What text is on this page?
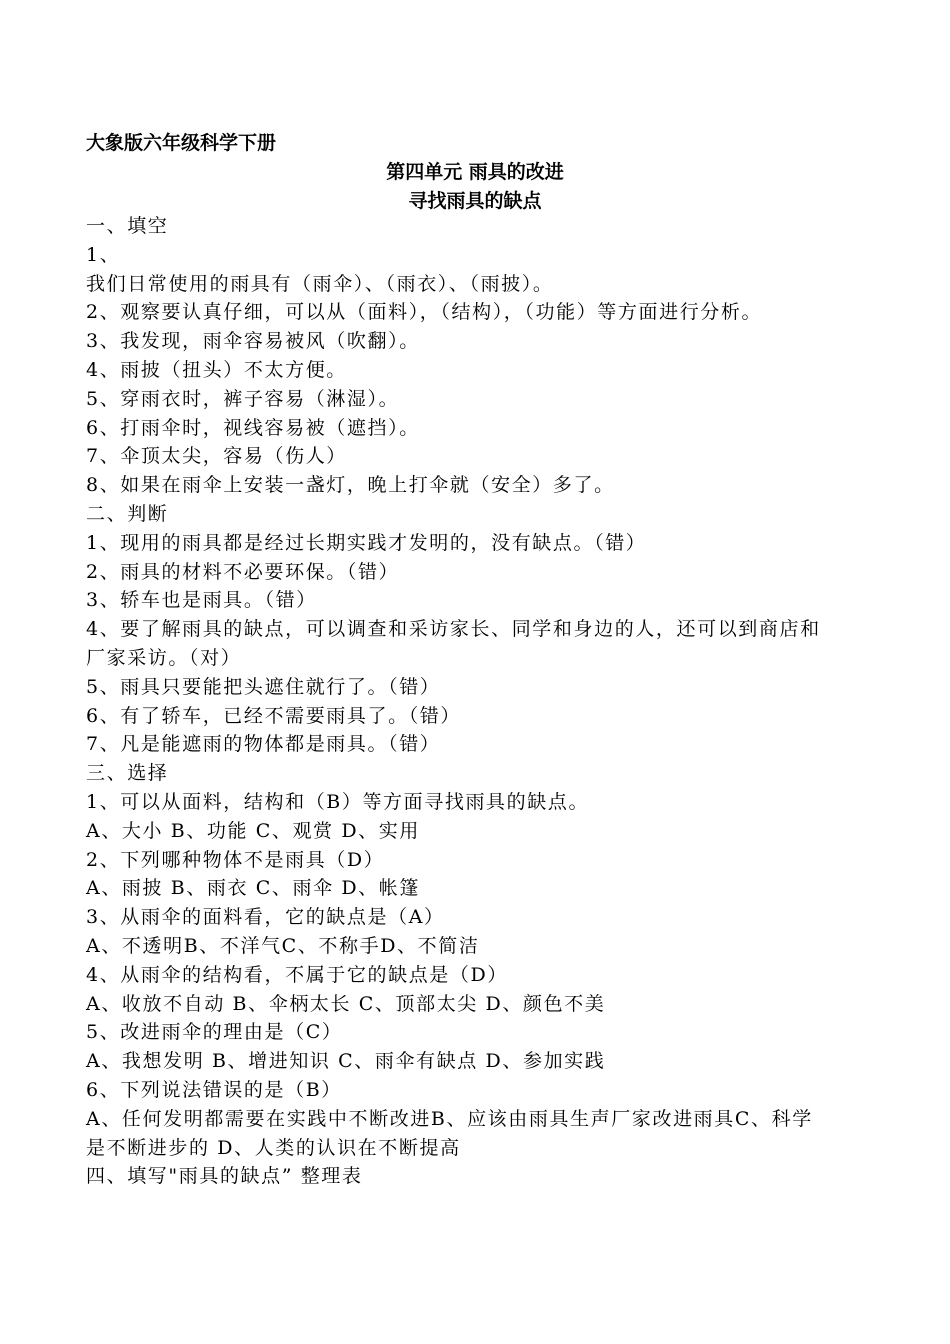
大象版六年级科学下册
第四单元 雨具的改进
寻找雨具的缺点
一、填空
1、
我们日常使用的雨具有（雨伞）、（雨衣）、（雨披）。
2、观察要认真仔细，可以从（面料），（结构），（功能）等方面进行分析。
3、我发现，雨伞容易被风（吹翻）。
4、雨披（扭头）不太方便。
5、穿雨衣时，裤子容易（淋湿）。
6、打雨伞时，视线容易被（遮挡）。
7、伞顶太尖，容易（伤人）
8、如果在雨伞上安装一盏灯，晚上打伞就（安全）多了。
二、判断
1、现用的雨具都是经过长期实践才发明的，没有缺点。（错）
2、雨具的材料不必要环保。（错）
3、轿车也是雨具。（错）
4、要了解雨具的缺点，可以调查和采访家长、同学和身边的人，还可以到商店和
厂家采访。（对）
5、雨具只要能把头遮住就行了。（错）
6、有了轿车，已经不需要雨具了。（错）
7、凡是能遮雨的物体都是雨具。（错）
三、选择
1、可以从面料，结构和（B）等方面寻找雨具的缺点。
A、大小 B、功能 C、观赏 D、实用
2、下列哪种物体不是雨具（D）
A、雨披 B、雨衣 C、雨伞 D、帐篷
3、从雨伞的面料看，它的缺点是（A）
A、不透明B、不洋气C、不称手D、不简洁
4、从雨伞的结构看，不属于它的缺点是（D）
A、收放不自动 B、伞柄太长 C、顶部太尖 D、颜色不美
5、改进雨伞的理由是（C）
A、我想发明 B、增进知识 C、雨伞有缺点 D、参加实践
6、下列说法错误的是（B）
A、任何发明都需要在实践中不断改进B、应该由雨具生声厂家改进雨具C、科学
是不断进步的 D、人类的认识在不断提高
四、填写"雨具的缺点” 整理表
